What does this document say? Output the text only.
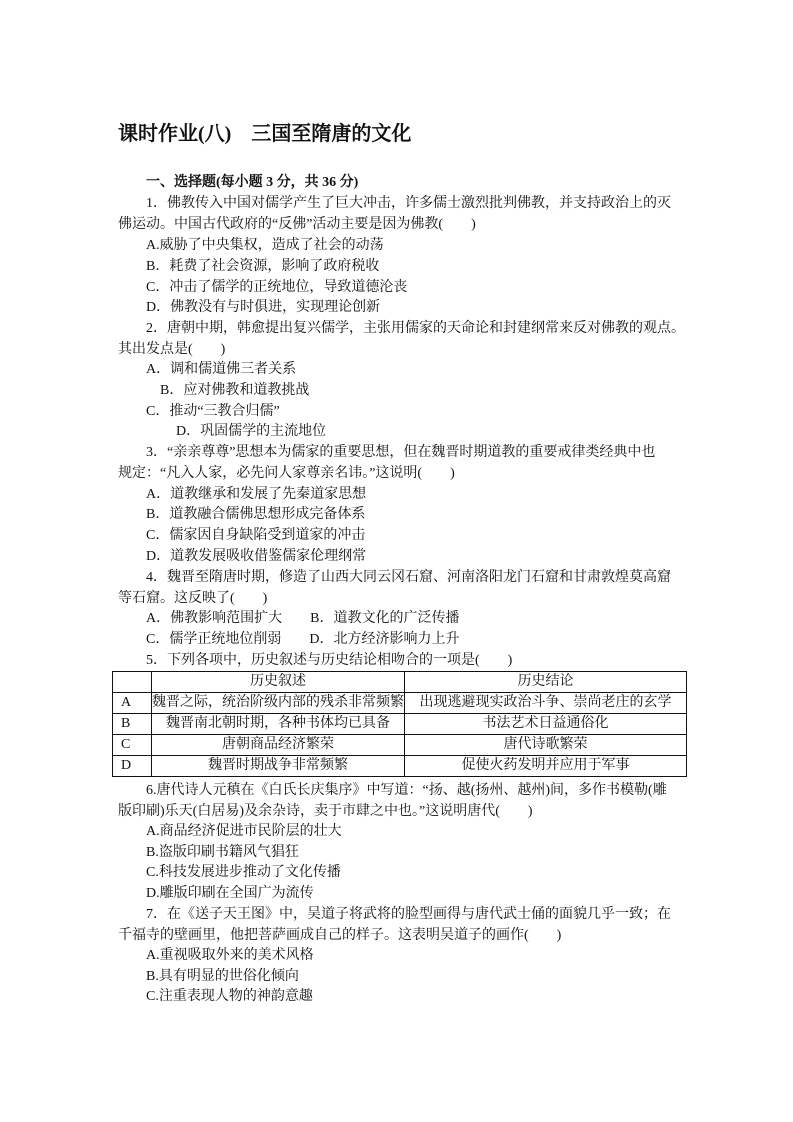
课时作业(八)　三国至隋唐的文化
一、选择题(每小题 3 分，共 36 分)
1．佛教传入中国对儒学产生了巨大冲击，许多儒士激烈批判佛教，并支持政治上的灭
佛运动。中国古代政府的“反佛”活动主要是因为佛教(　　)
A.威胁了中央集权，造成了社会的动荡
B．耗费了社会资源，影响了政府税收
C．冲击了儒学的正统地位，导致道德沦丧
D．佛教没有与时俱进，实现理论创新
2．唐朝中期，韩愈提出复兴儒学，主张用儒家的天命论和封建纲常来反对佛教的观点。
其出发点是(　　)
A．调和儒道佛三者关系
B．应对佛教和道教挑战
C．推动“三教合归儒”
D．巩固儒学的主流地位
3．“亲亲尊尊”思想本为儒家的重要思想，但在魏晋时期道教的重要戒律类经典中也
规定：“凡入人家，必先问人家尊亲名讳。”这说明(　　)
A．道教继承和发展了先秦道家思想
B．道教融合儒佛思想形成完备体系
C．儒家因自身缺陷受到道家的冲击
D．道教发展吸收借鉴儒家伦理纲常
4．魏晋至隋唐时期，修造了山西大同云冈石窟、河南洛阳龙门石窟和甘肃敦煌莫高窟
等石窟。这反映了(　　)
A．佛教影响范围扩大　　B．道教文化的广泛传播
C．儒学正统地位削弱　　D．北方经济影响力上升
5．下列各项中，历史叙述与历史结论相吻合的一项是(　　)
	历史叙述	历史结论
A	魏晋之际，统治阶级内部的残杀非常频繁	出现逃避现实政治斗争、崇尚老庄的玄学
B	魏晋南北朝时期，各种书体均已具备	书法艺术日益通俗化
C	唐朝商品经济繁荣	唐代诗歌繁荣
D	魏晋时期战争非常频繁	促使火药发明并应用于军事
6.唐代诗人元稹在《白氏长庆集序》中写道：“扬、越(扬州、越州)间，多作书模勒(雕
版印刷)乐天(白居易)及余杂诗，卖于市肆之中也。”这说明唐代(　　)
A.商品经济促进市民阶层的壮大
B.盗版印刷书籍风气猖狂
C.科技发展进步推动了文化传播
D.雕版印刷在全国广为流传
7．在《送子天王图》中，吴道子将武将的脸型画得与唐代武士俑的面貌几乎一致；在
千福寺的壁画里，他把菩萨画成自己的样子。这表明吴道子的画作(　　)
A.重视吸取外来的美术风格
B.具有明显的世俗化倾向
C.注重表现人物的神韵意趣
